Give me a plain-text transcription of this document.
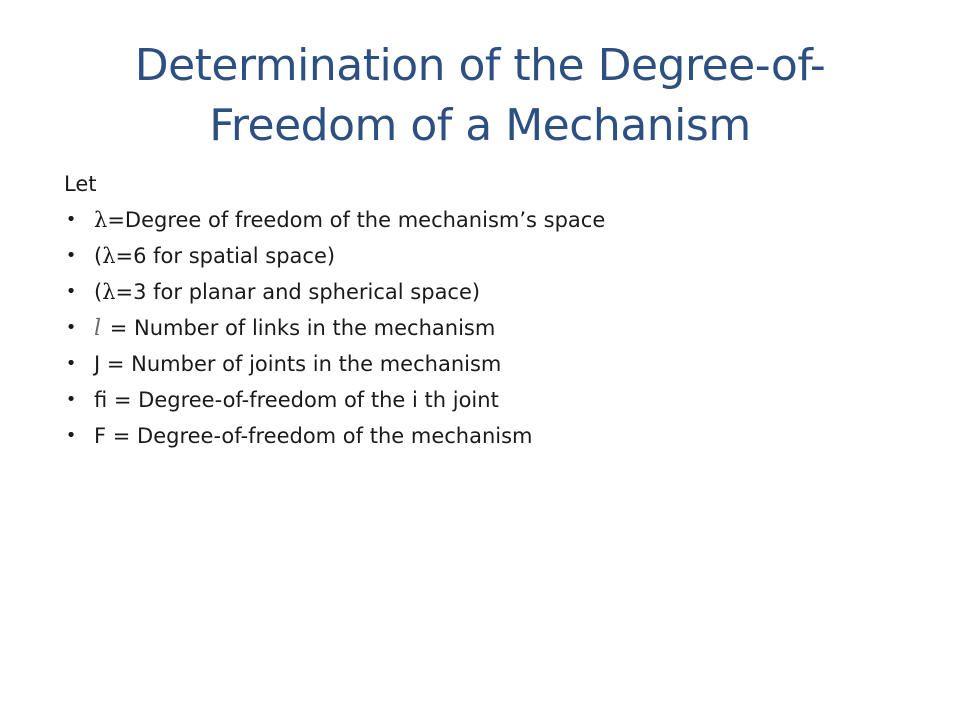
Determination of the Degree-of-
Freedom of a Mechanism
Let
• λ=Degree of freedom of the mechanism’s space
• (λ=6 for spatial space)
• (λ=3 for planar and spherical space)
• l = Number of links in the mechanism
• J = Number of joints in the mechanism
• fi = Degree-of-freedom of the i th joint
• F = Degree-of-freedom of the mechanism
